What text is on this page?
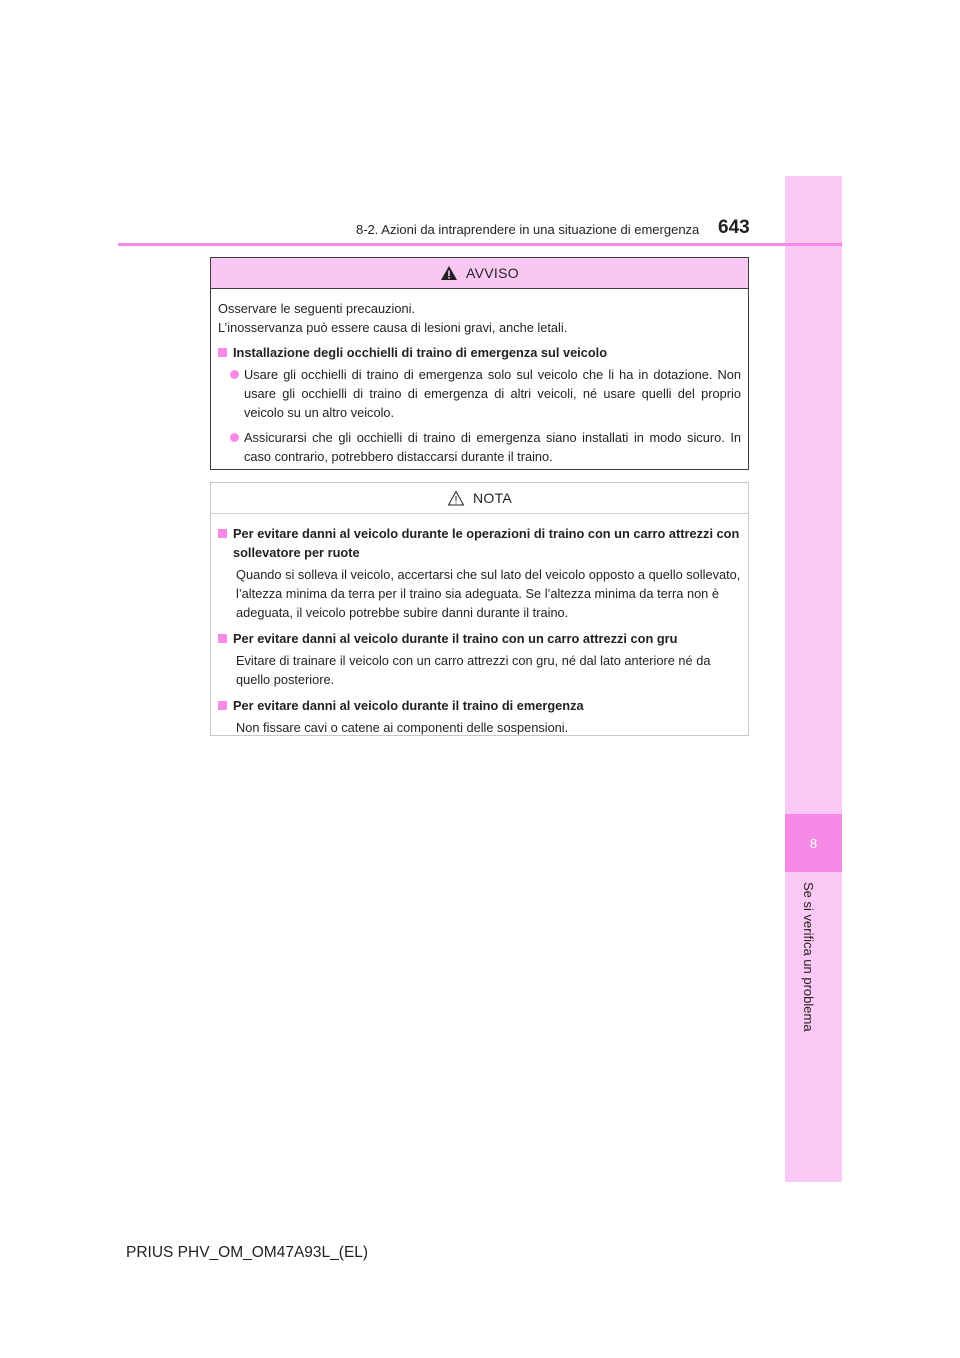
8
Se si verifica un problema
8-2. Azioni da intraprendere in una situazione di emergenza 643
AVVISO
Osservare le seguenti precauzioni.
L’inosservanza può essere causa di lesioni gravi, anche letali.
Installazione degli occhielli di traino di emergenza sul veicolo
Usare gli occhielli di traino di emergenza solo sul veicolo che li ha in dotazione. Non usare gli occhielli di traino di emergenza di altri veicoli, né usare quelli del proprio veicolo su un altro veicolo.
Assicurarsi che gli occhielli di traino di emergenza siano installati in modo sicuro. In caso contrario, potrebbero distaccarsi durante il traino.
NOTA
Per evitare danni al veicolo durante le operazioni di traino con un carro attrezzi con sollevatore per ruote
Quando si solleva il veicolo, accertarsi che sul lato del veicolo opposto a quello sollevato, l’altezza minima da terra per il traino sia adeguata. Se l’altezza minima da terra non è adeguata, il veicolo potrebbe subire danni durante il traino.
Per evitare danni al veicolo durante il traino con un carro attrezzi con gru
Evitare di trainare il veicolo con un carro attrezzi con gru, né dal lato anteriore né da quello posteriore.
Per evitare danni al veicolo durante il traino di emergenza
Non fissare cavi o catene ai componenti delle sospensioni.
PRIUS PHV_OM_OM47A93L_(EL)
